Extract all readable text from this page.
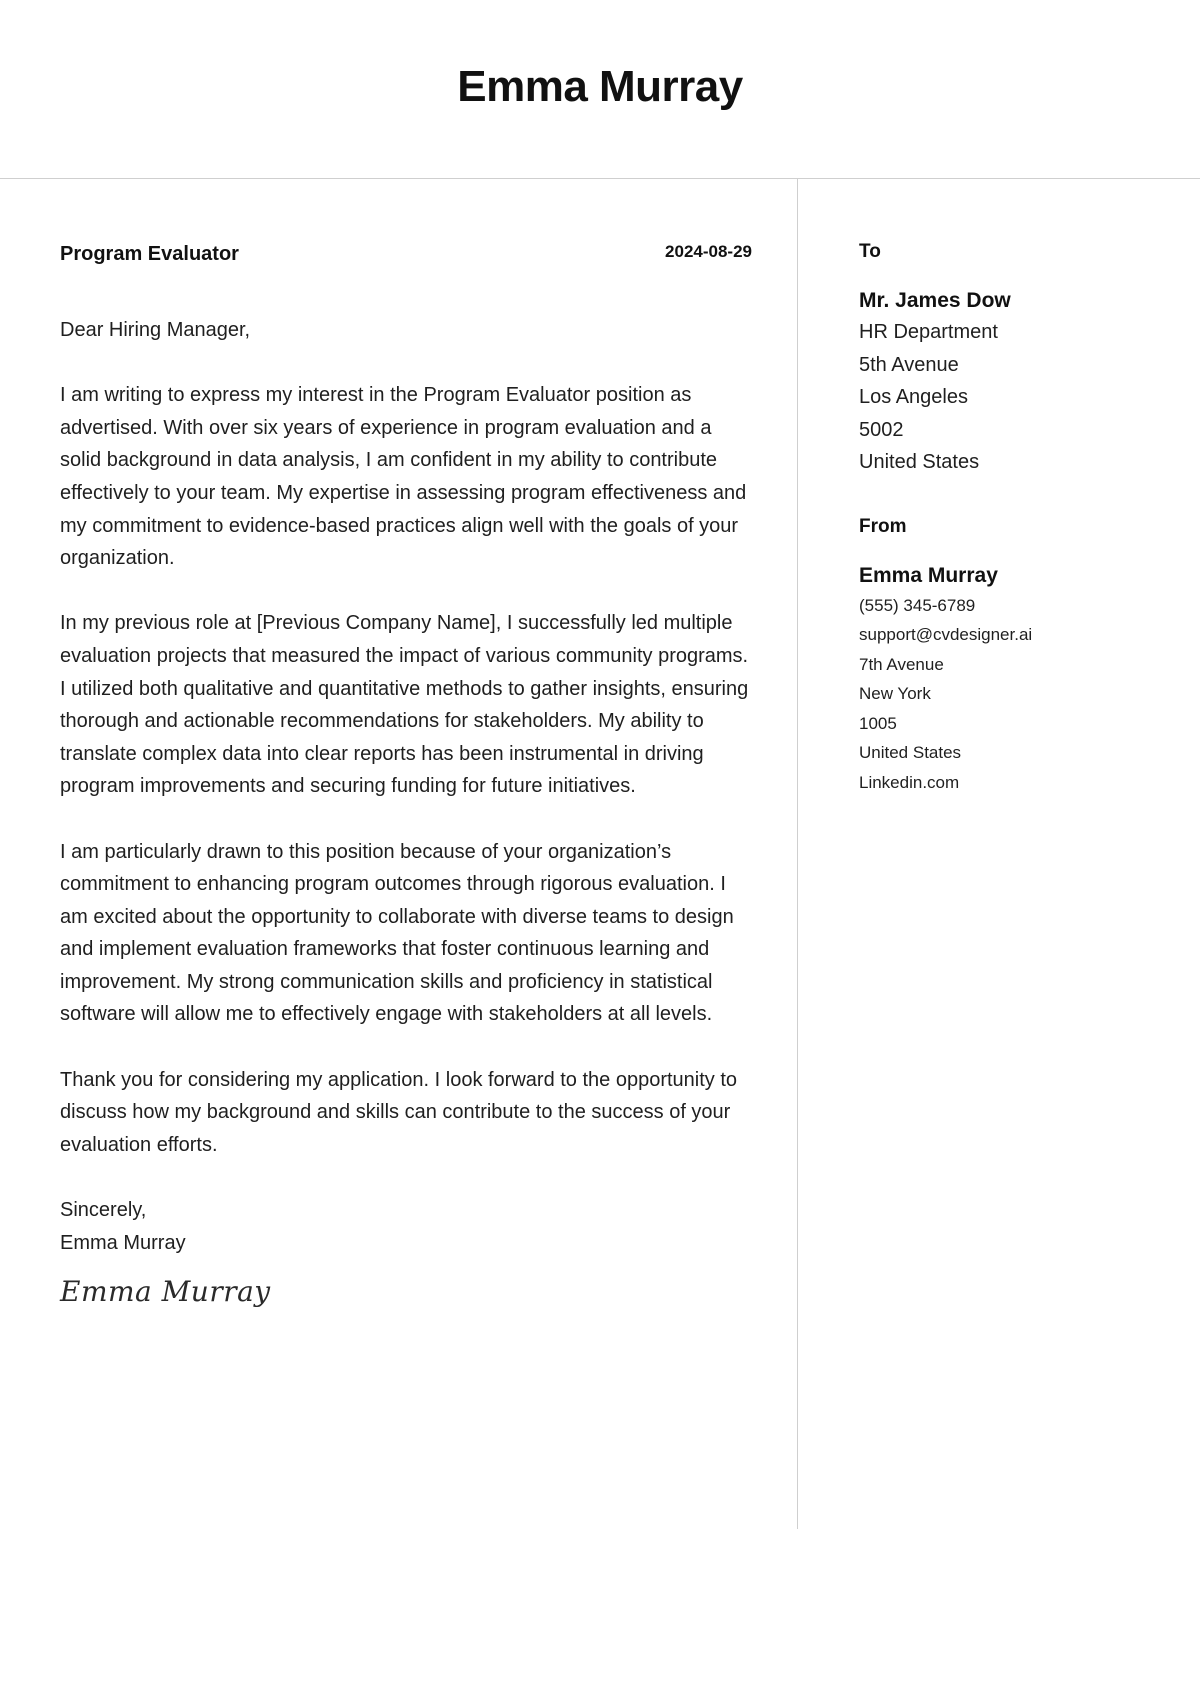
Emma Murray
Program Evaluator	2024-08-29

Dear Hiring Manager,

I am writing to express my interest in the Program Evaluator position as advertised. With over six years of experience in program evaluation and a solid background in data analysis, I am confident in my ability to contribute effectively to your team. My expertise in assessing program effectiveness and my commitment to evidence-based practices align well with the goals of your organization.

In my previous role at [Previous Company Name], I successfully led multiple evaluation projects that measured the impact of various community programs. I utilized both qualitative and quantitative methods to gather insights, ensuring thorough and actionable recommendations for stakeholders. My ability to translate complex data into clear reports has been instrumental in driving program improvements and securing funding for future initiatives.

I am particularly drawn to this position because of your organization’s commitment to enhancing program outcomes through rigorous evaluation. I am excited about the opportunity to collaborate with diverse teams to design and implement evaluation frameworks that foster continuous learning and improvement. My strong communication skills and proficiency in statistical software will allow me to effectively engage with stakeholders at all levels.

Thank you for considering my application. I look forward to the opportunity to discuss how my background and skills can contribute to the success of your evaluation efforts.

Sincerely,

Emma Murray

Emma Murray

To

Mr. James Dow

HR Department

5th Avenue

Los Angeles

5002

United States

From

Emma Murray

(555) 345-6789

support@cvdesigner.ai

7th Avenue

New York

1005

United States

Linkedin.com
